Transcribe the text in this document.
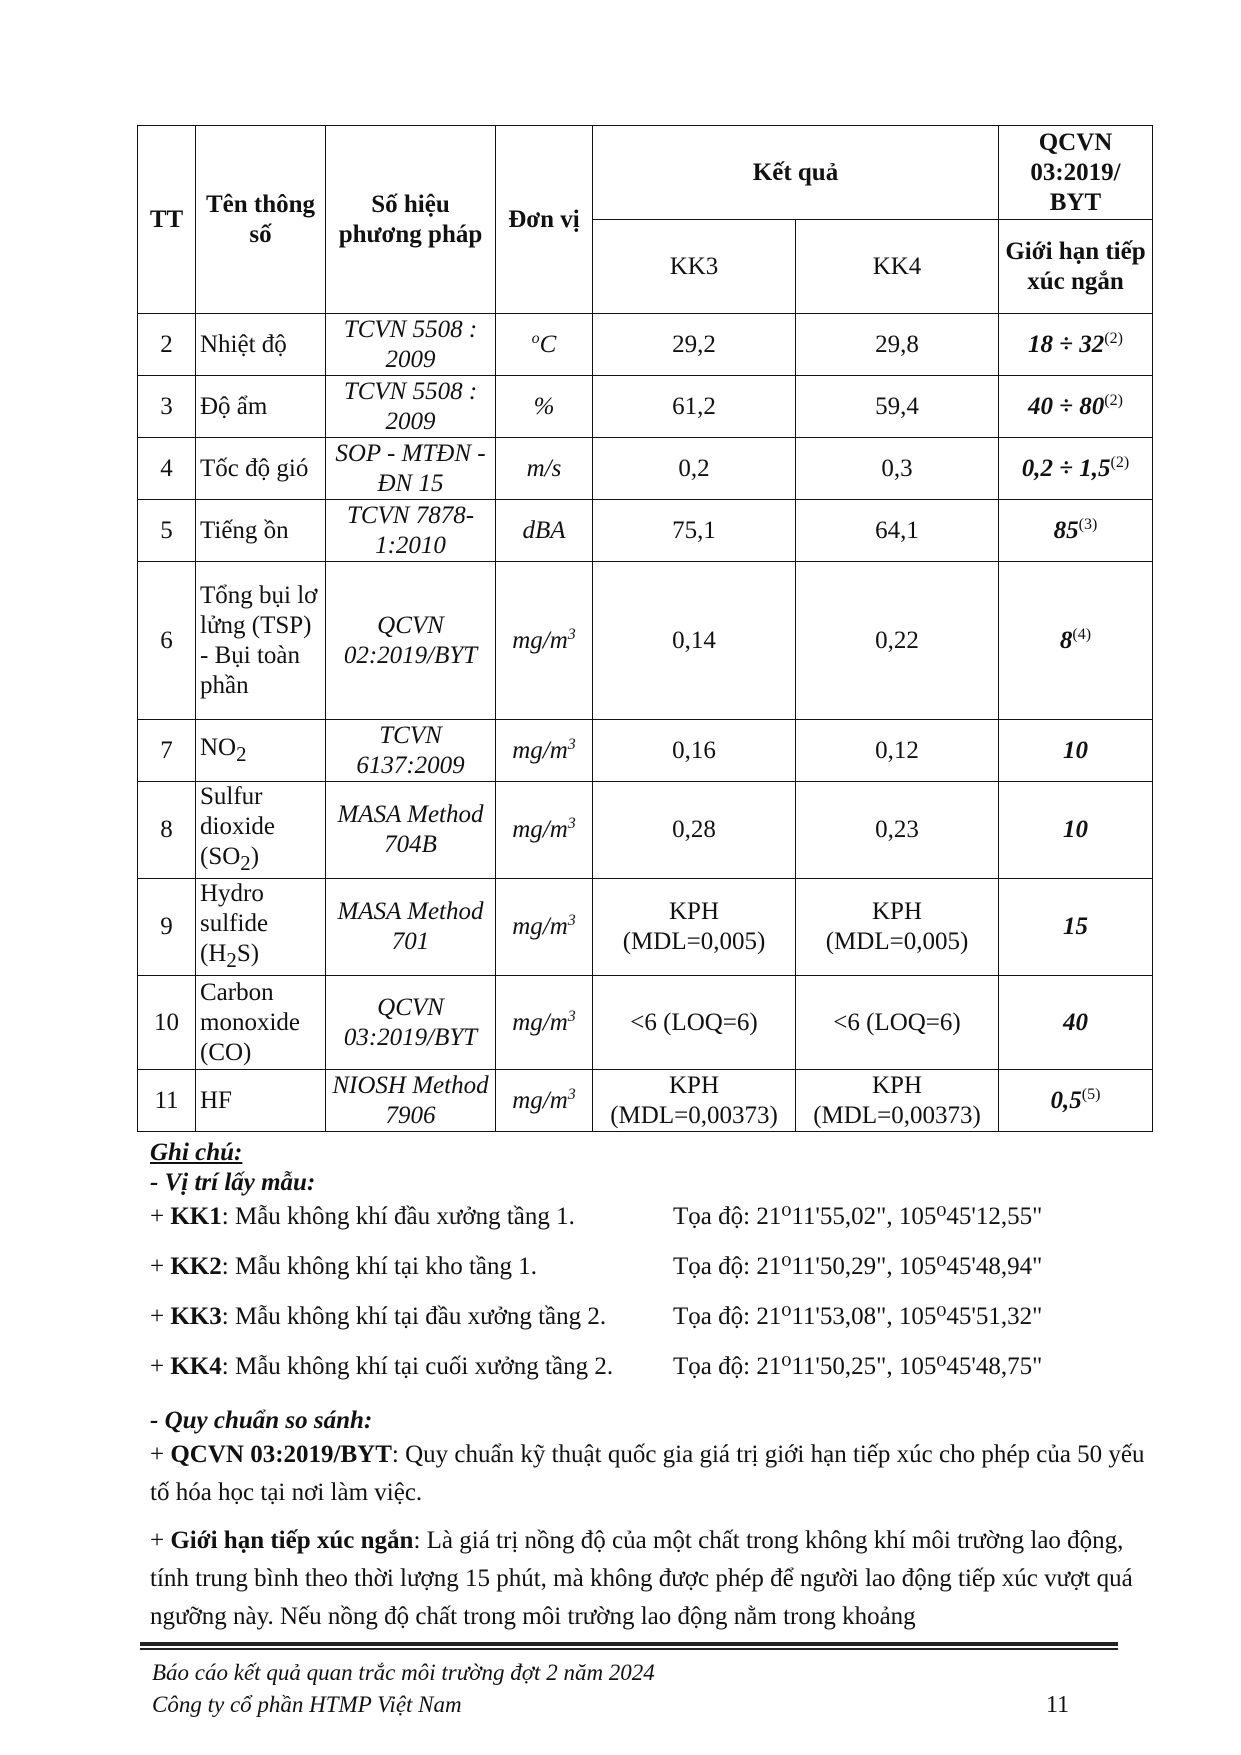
TT	Tên thông số	Số hiệu phương pháp	Đơn vị	Kết quả		QCVN 03:2019/ BYT
				KK3	KK4	Giới hạn tiếp xúc ngắn
2	Nhiệt độ	TCVN 5508 : 2009	$^o$C	29,2	29,8	$18 \div 32^{(2)}$
3	Độ ẩm	TCVN 5508 : 2009	%	61,2	59,4	$40 \div 80^{(2)}$
4	Tốc độ gió	SOP - MTĐN - ĐN 15	m/s	0,2	0,3	$0,2 \div 1,5^{(2)}$
5	Tiếng ồn	TCVN 7878-1:2010	dBA	75,1	64,1	85$^{(3)}$
6	Tổng bụi lơ lửng (TSP) - Bụi toàn phần	QCVN 02:2019/BYT	$mg/m^3$	0,14	0,22	8$^{(4)}$
7	$NO_2$	TCVN 6137:2009	$mg/m^3$	0,16	0,12	10
8	Sulfur dioxide $(SO_2)$	MASA Method 704B	$mg/m^3$	0,28	0,23	10
9	Hydro sulfide $(H_2S)$	MASA Method 701	$mg/m^3$	KPH (MDL=0,005)	KPH (MDL=0,005)	15
10	Carbon monoxide (CO)	QCVN 03:2019/BYT	$mg/m^3$	<6 (LOQ=6)	<6 (LOQ=6)	40
11	HF	NIOSH Method 7906	$mg/m^3$	KPH (MDL=0,00373)	KPH (MDL=0,00373)	0,5$^{(5)}$
Ghi chú:
- Vị trí lấy mẫu:
+ KK1: Mẫu không khí đầu xưởng tầng 1.	Tọa độ: 21⁰11'55,02", 105⁰45'12,55"
+ KK2: Mẫu không khí tại kho tầng 1.	Tọa độ: 21⁰11'50,29", 105⁰45'48,94"
+ KK3: Mẫu không khí tại đầu xưởng tầng 2.	Tọa độ: 21⁰11'53,08", 105⁰45'51,32"
+ KK4: Mẫu không khí tại cuối xưởng tầng 2. Tọa độ: 21⁰11'50,25", 105⁰45'48,75"
- Quy chuẩn so sánh:
+ QCVN 03:2019/BYT: Quy chuẩn kỹ thuật quốc gia giá trị giới hạn tiếp xúc cho phép của 50 yếu tố hóa học tại nơi làm việc.
+ Giới hạn tiếp xúc ngắn: Là giá trị nồng độ của một chất trong không khí môi trường lao động, tính trung bình theo thời lượng 15 phút, mà không được phép để người lao động tiếp xúc vượt quá ngưỡng này. Nếu nồng độ chất trong môi trường lao động nằm trong khoảng
Báo cáo kết quả quan trắc môi trường đợt 2 năm 2024
Công ty cổ phần HTMP Việt Nam	11
